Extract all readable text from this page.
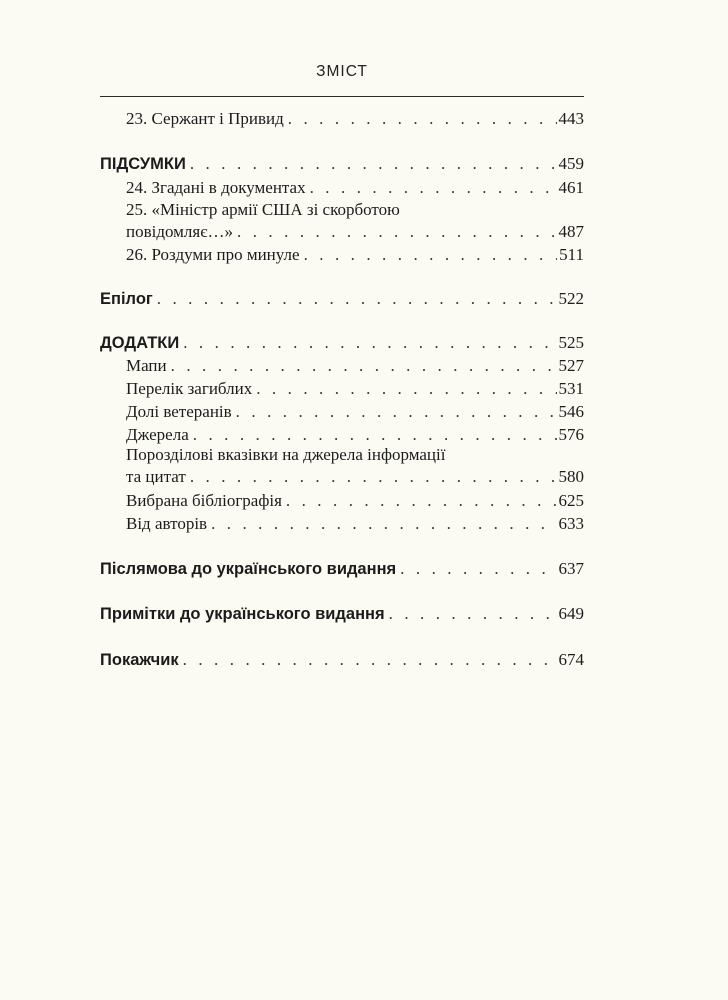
ЗМІСТ
23. Сержант і Привид . . .	443
ПІДСУМКИ . . .	459
24. Згадані в документах . . .	461
25. «Міністр армії США зі скорботою
повідомляє…» . . .	487
26. Роздуми про минуле . . .	511
Епілог . . .	522
ДОДАТКИ . . .	525
Мапи . . .	527
Перелік загиблих . . .	531
Долі ветеранів . . .	546
Джерела . . .	576
Порозділові вказівки на джерела інформації
та цитат . . .	580
Вибрана бібліографія . . .	625
Від авторів . . .	633
Післямова до українського видання . . .	637
Примітки до українського видання . . .	649
Покажчик . . .	674
